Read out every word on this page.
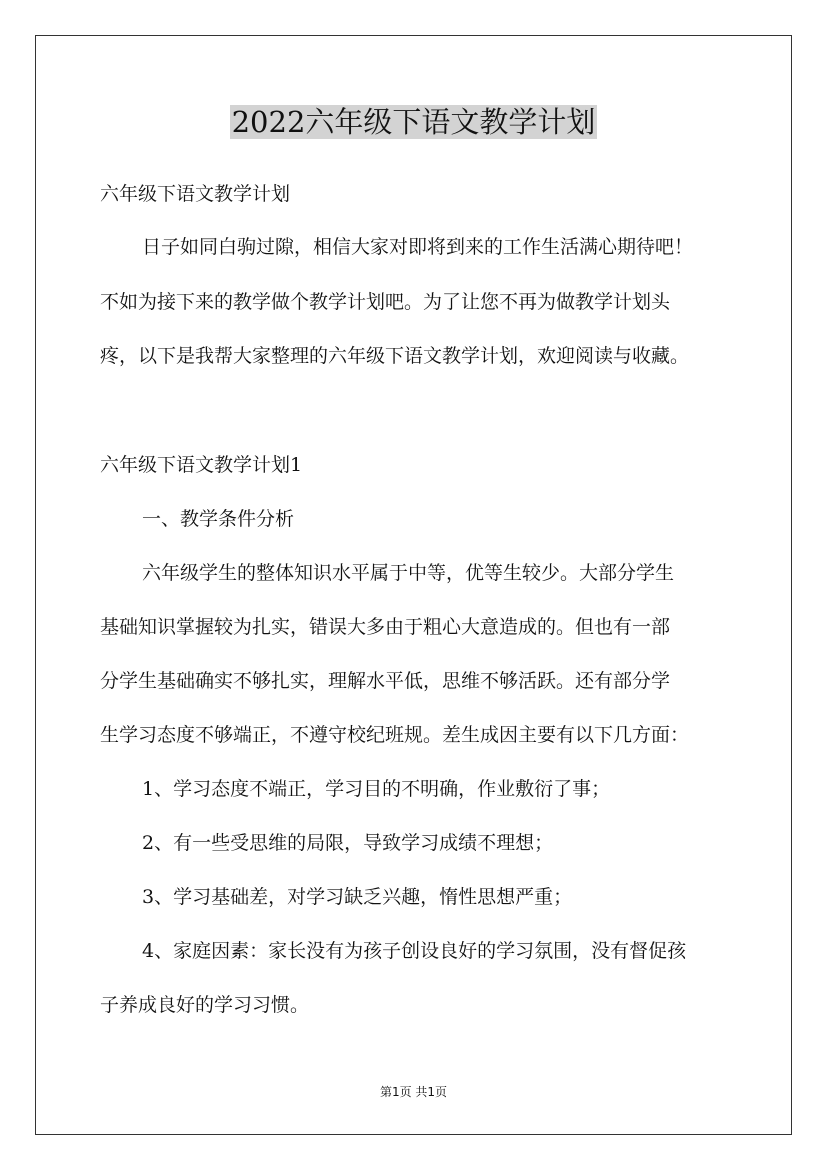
2022六年级下语文教学计划

六年级下语文教学计划

日子如同白驹过隙，相信大家对即将到来的工作生活满心期待吧！

不如为接下来的教学做个教学计划吧。为了让您不再为做教学计划头

疼，以下是我帮大家整理的六年级下语文教学计划，欢迎阅读与收藏。

六年级下语文教学计划1

一、教学条件分析

六年级学生的整体知识水平属于中等，优等生较少。大部分学生

基础知识掌握较为扎实，错误大多由于粗心大意造成的。但也有一部

分学生基础确实不够扎实，理解水平低，思维不够活跃。还有部分学

生学习态度不够端正，不遵守校纪班规。差生成因主要有以下几方面：

1、学习态度不端正，学习目的不明确，作业敷衍了事；

2、有一些受思维的局限，导致学习成绩不理想；

3、学习基础差，对学习缺乏兴趣，惰性思想严重；

4、家庭因素：家长没有为孩子创设良好的学习氛围，没有督促孩

子养成良好的学习习惯。

第1页 共1页
